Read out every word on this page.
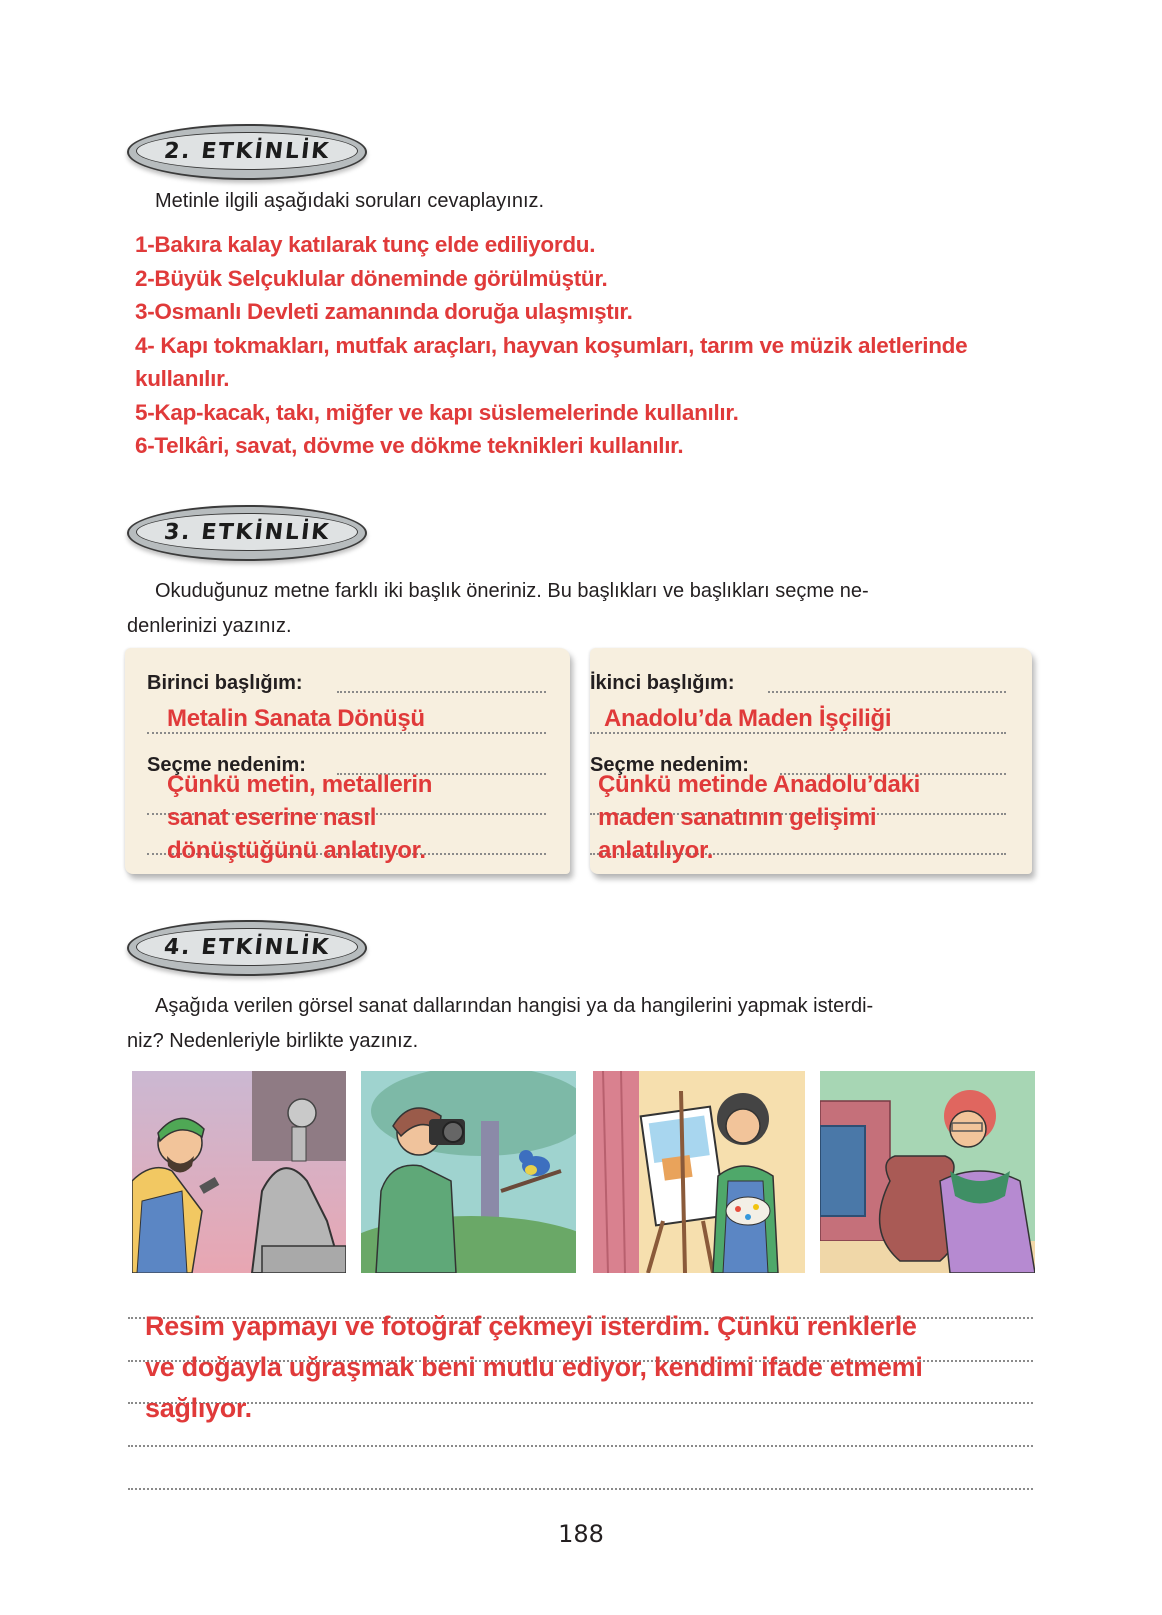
2. ETKİNLİK
Metinle ilgili aşağıdaki soruları cevaplayınız.
1-Bakıra kalay katılarak tunç elde ediliyordu.
2-Büyük Selçuklular döneminde görülmüştür.
3-Osmanlı Devleti zamanında doruğa ulaşmıştır.
4- Kapı tokmakları, mutfak araçları, hayvan koşumları, tarım ve müzik aletlerinde
kullanılır.
5-Kap-kacak, takı, miğfer ve kapı süslemelerinde kullanılır.
6-Telkâri, savat, dövme ve dökme teknikleri kullanılır.
3. ETKİNLİK
Okuduğunuz metne farklı iki başlık öneriniz. Bu başlıkları ve başlıkları seçme ne-
denlerinizi yazınız.
Birinci başlığım:
Metalin Sanata Dönüşü
Seçme nedenim:
Çünkü metin, metallerin
sanat eserine nasıl
dönüştüğünü anlatıyor.
İkinci başlığım:
Anadolu’da Maden İşçiliği
Seçme nedenim:
Çünkü metinde Anadolu’daki
maden sanatının gelişimi
anlatılıyor.
4. ETKİNLİK
Aşağıda verilen görsel sanat dallarından hangisi ya da hangilerini yapmak isterdi-
niz? Nedenleriyle birlikte yazınız.
Resim yapmayı ve fotoğraf çekmeyi isterdim. Çünkü renklerle
ve doğayla uğraşmak beni mutlu ediyor, kendimi ifade etmemi
sağlıyor.
188
